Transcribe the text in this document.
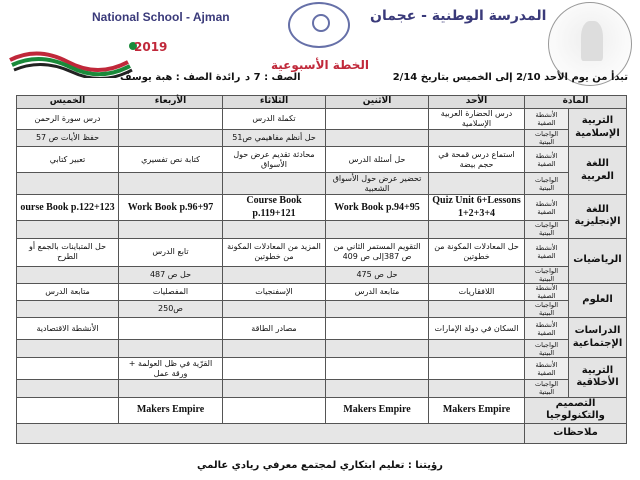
المدرسة الوطنية - عجمان
National School - Ajman
2019
الخطة الأسبوعية
تبدأ من يوم الأحد 2/10 إلى الخميس بتاريخ 2/14
الصف : 7 د
رائدة الصف : هبة يوسف
المادة		الأحد	الاثنين	الثلاثاء	الأربعاء	الخميس
التربية الإسلامية	الأنشطة الصفية	درس الحضارة العربية الإسلامية		تكملة الدرس		درس سورة الرحمن
	الواجبات البيتية			حل أنظم مفاهيمي ص51		حفظ الأيات ص 57
اللغة العربية	الأنشطة الصفية	استماع درس قمحة في حجم بيضة	حل أسئلة الدرس	محادثة تقديم عرض حول الأسواق	كتابة نص تفسيري	تعبير كتابي
	الواجبات البيتية		تحضير عرض حول الأسواق الشعبية			
اللغة الإنجليزية	الأنشطة الصفية	Quiz Unit 6+Lessons 1+2+3+4	Work Book p.94+95	Course Book p.119+121	Work Book p.96+97	ourse Book p.122+123
	الواجبات البيتية					
الرياضيات	الأنشطة الصفية	حل المعادلات المكونة من خطوتين	التقويم المستمر الثاني من ص 387إلى ص 409	المزيد من المعادلات المكونة من خطوتين	تابع الدرس	حل المتباينات بالجمع أو الطرح
	الواجبات البيتية		حل ص 475		حل ص 487	
العلوم	الأنشطة الصفية	اللافقاريات	متابعة الدرس	الإسفنجيات	المفصليات	متابعة الدرس
	الواجبات البيتية				ص250	
الدراسات الإجتماعية	الأنشطة الصفية	السكان في دولة الإمارات		مصادر الطاقة		الأنشطة الاقتصادية
	الواجبات البيتية					
التربية الأخلاقية	الأنشطة الصفية				القرّية في ظل العولمة + ورقة عمل	
	الواجبات البيتية					
التصميم والتكنولوجيا		Makers Empire	Makers Empire		Makers Empire	
ملاحظات						
رؤيتنا : تعليم ابتكاري لمجتمع معرفي ريادي عالمي
